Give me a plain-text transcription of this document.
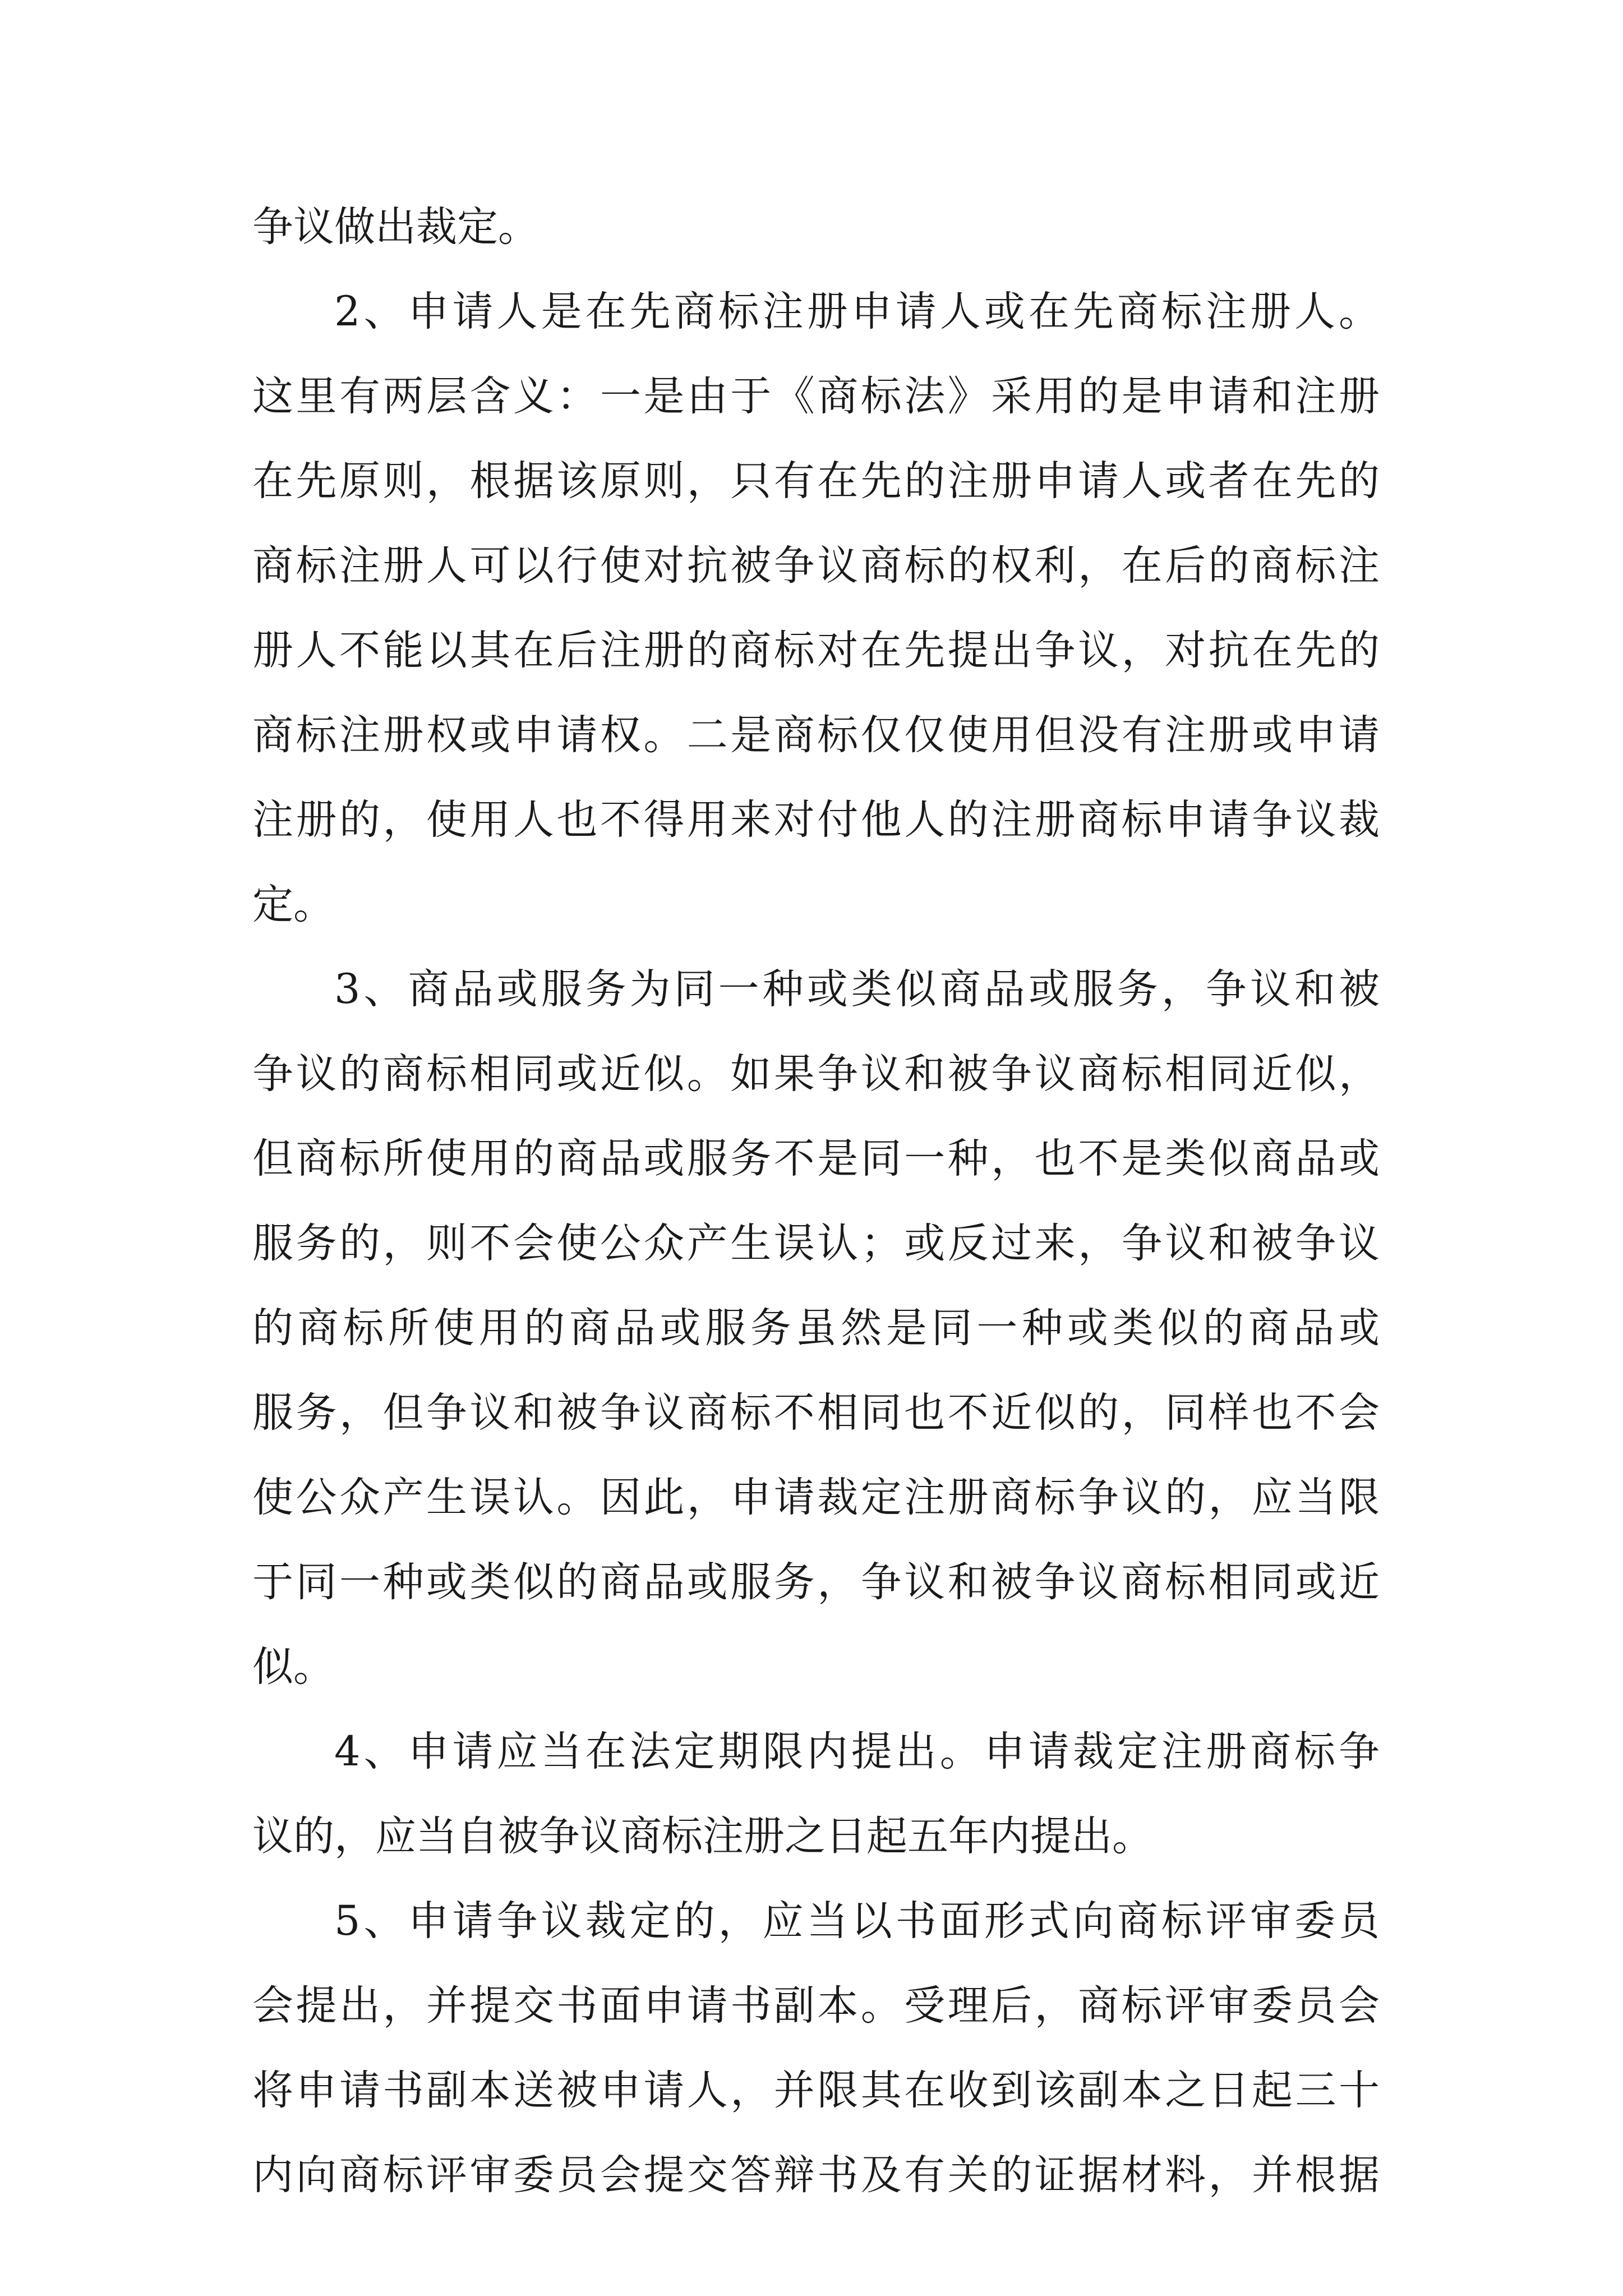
争议做出裁定。
2、申请人是在先商标注册申请人或在先商标注册人。
这里有两层含义：一是由于《商标法》采用的是申请和注册
在先原则，根据该原则，只有在先的注册申请人或者在先的
商标注册人可以行使对抗被争议商标的权利，在后的商标注
册人不能以其在后注册的商标对在先提出争议，对抗在先的
商标注册权或申请权。二是商标仅仅使用但没有注册或申请
注册的，使用人也不得用来对付他人的注册商标申请争议裁
定。
3、商品或服务为同一种或类似商品或服务，争议和被
争议的商标相同或近似。如果争议和被争议商标相同近似，
但商标所使用的商品或服务不是同一种，也不是类似商品或
服务的，则不会使公众产生误认；或反过来，争议和被争议
的商标所使用的商品或服务虽然是同一种或类似的商品或
服务，但争议和被争议商标不相同也不近似的，同样也不会
使公众产生误认。因此，申请裁定注册商标争议的，应当限
于同一种或类似的商品或服务，争议和被争议商标相同或近
似。
4、申请应当在法定期限内提出。申请裁定注册商标争
议的，应当自被争议商标注册之日起五年内提出。
5、申请争议裁定的，应当以书面形式向商标评审委员
会提出，并提交书面申请书副本。受理后，商标评审委员会
将申请书副本送被申请人，并限其在收到该副本之日起三十
内向商标评审委员会提交答辩书及有关的证据材料，并根据
